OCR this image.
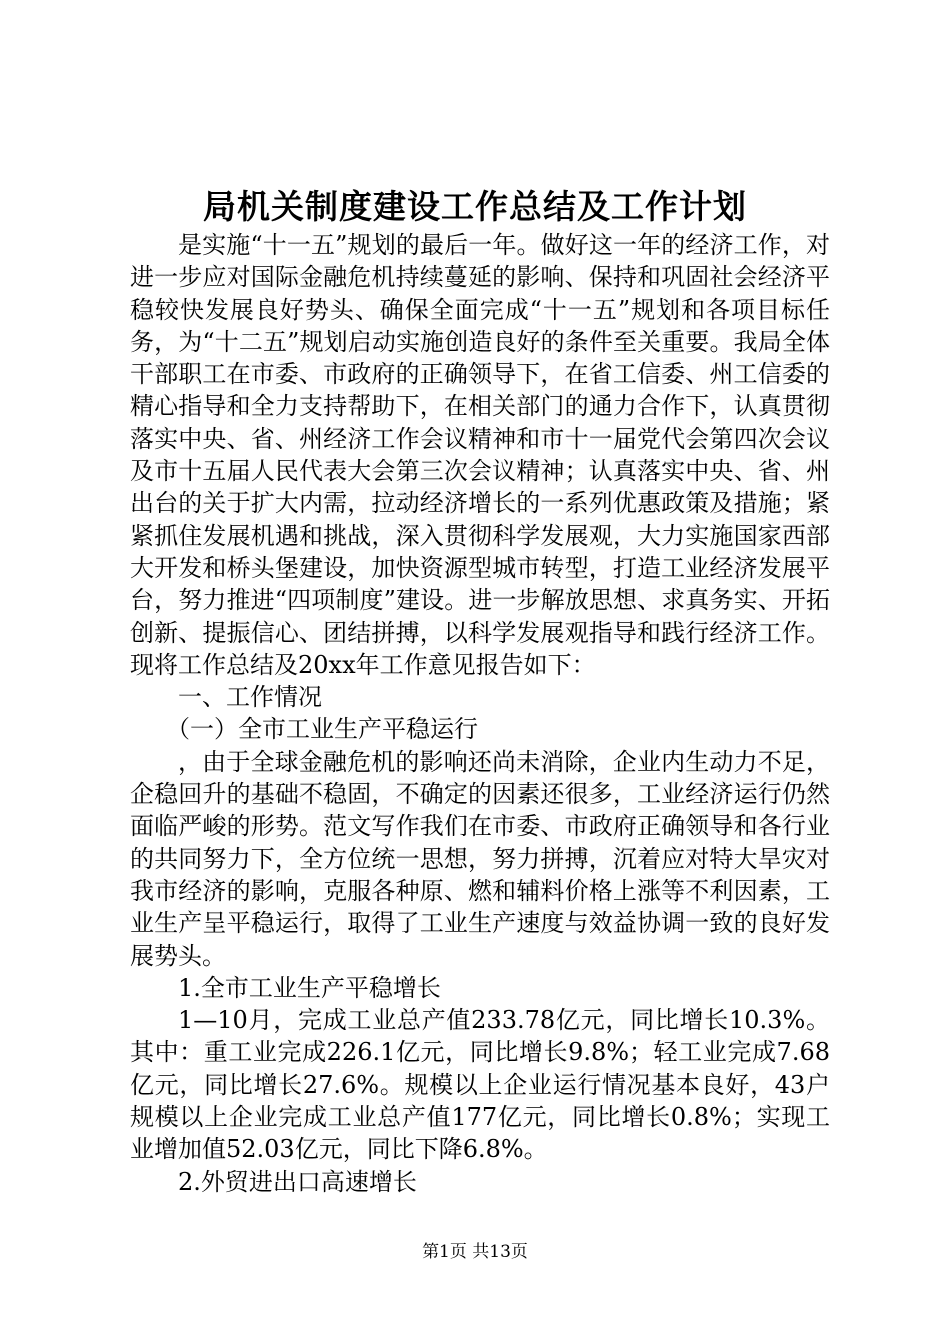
局机关制度建设工作总结及工作计划

是实施“十一五”规划的最后一年。做好这一年的经济工作，对进一步应对国际金融危机持续蔓延的影响、保持和巩固社会经济平稳较快发展良好势头、确保全面完成“十一五”规划和各项目标任务，为“十二五”规划启动实施创造良好的条件至关重要。我局全体干部职工在市委、市政府的正确领导下，在省工信委、州工信委的精心指导和全力支持帮助下，在相关部门的通力合作下，认真贯彻落实中央、省、州经济工作会议精神和市十一届党代会第四次会议及市十五届人民代表大会第三次会议精神；认真落实中央、省、州出台的关于扩大内需，拉动经济增长的一系列优惠政策及措施；紧紧抓住发展机遇和挑战，深入贯彻科学发展观，大力实施国家西部大开发和桥头堡建设，加快资源型城市转型，打造工业经济发展平台，努力推进“四项制度”建设。进一步解放思想、求真务实、开拓创新、提振信心、团结拼搏，以科学发展观指导和践行经济工作。现将工作总结及20xx年工作意见报告如下：

一、工作情况

（一）全市工业生产平稳运行

，由于全球金融危机的影响还尚未消除，企业内生动力不足，企稳回升的基础不稳固，不确定的因素还很多，工业经济运行仍然面临严峻的形势。范文写作我们在市委、市政府正确领导和各行业的共同努力下，全方位统一思想，努力拼搏，沉着应对特大旱灾对我市经济的影响，克服各种原、燃和辅料价格上涨等不利因素，工业生产呈平稳运行，取得了工业生产速度与效益协调一致的良好发展势头。

1.全市工业生产平稳增长

1—10月，完成工业总产值233.78亿元，同比增长10.3%。其中：重工业完成226.1亿元，同比增长9.8%；轻工业完成7.68亿元，同比增长27.6%。规模以上企业运行情况基本良好，43户规模以上企业完成工业总产值177亿元，同比增长0.8%；实现工业增加值52.03亿元，同比下降6.8%。

2.外贸进出口高速增长

第1页 共13页
